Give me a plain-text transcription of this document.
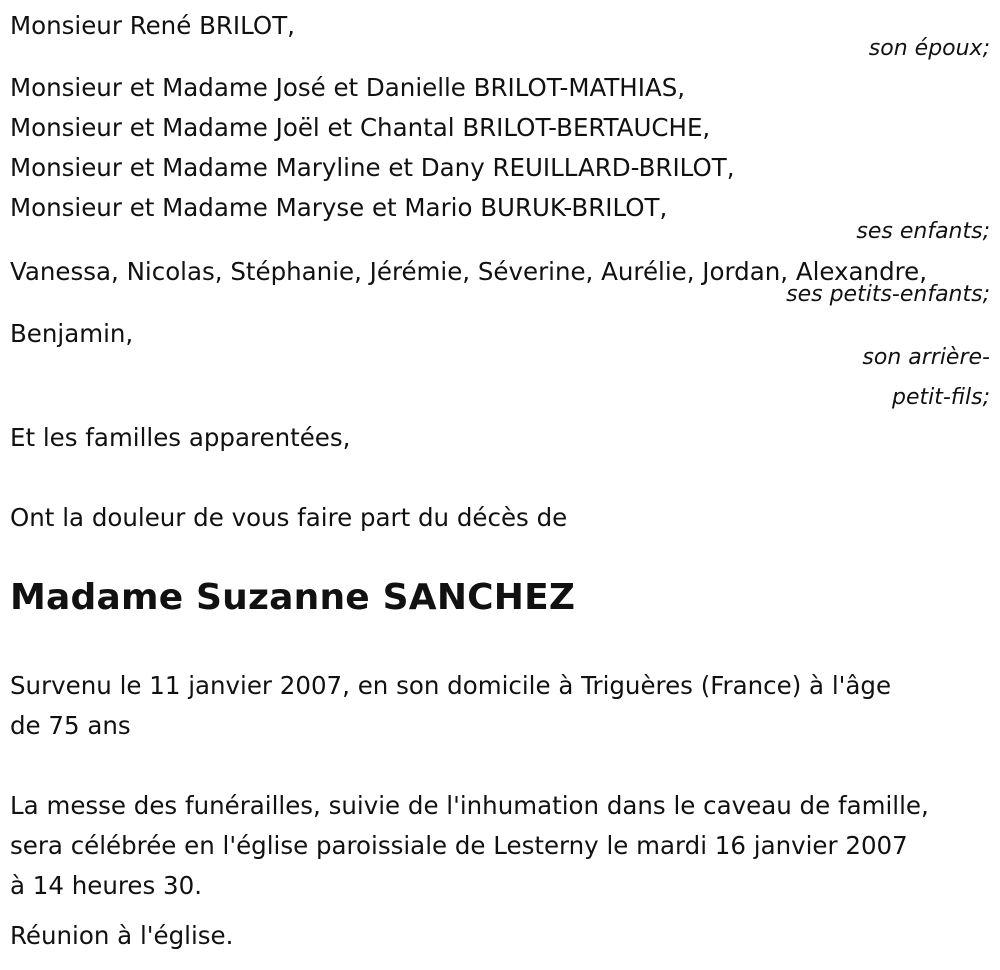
Monsieur René BRILOT,
son époux;
Monsieur et Madame José et Danielle BRILOT-MATHIAS,
Monsieur et Madame Joël et Chantal BRILOT-BERTAUCHE,
Monsieur et Madame Maryline et Dany REUILLARD-BRILOT,
Monsieur et Madame Maryse et Mario BURUK-BRILOT,
ses enfants;
Vanessa, Nicolas, Stéphanie, Jérémie, Séverine, Aurélie, Jordan, Alexandre,
ses petits-enfants;
Benjamin,
son arrière-
petit-fils;
Et les familles apparentées,
Ont la douleur de vous faire part du décès de
Madame Suzanne SANCHEZ
Survenu le 11 janvier 2007, en son domicile à Triguères (France) à l'âge
de 75 ans
La messe des funérailles, suivie de l'inhumation dans le caveau de famille,
sera célébrée en l'église paroissiale de Lesterny le mardi 16 janvier 2007
à 14 heures 30.
Réunion à l'église.
